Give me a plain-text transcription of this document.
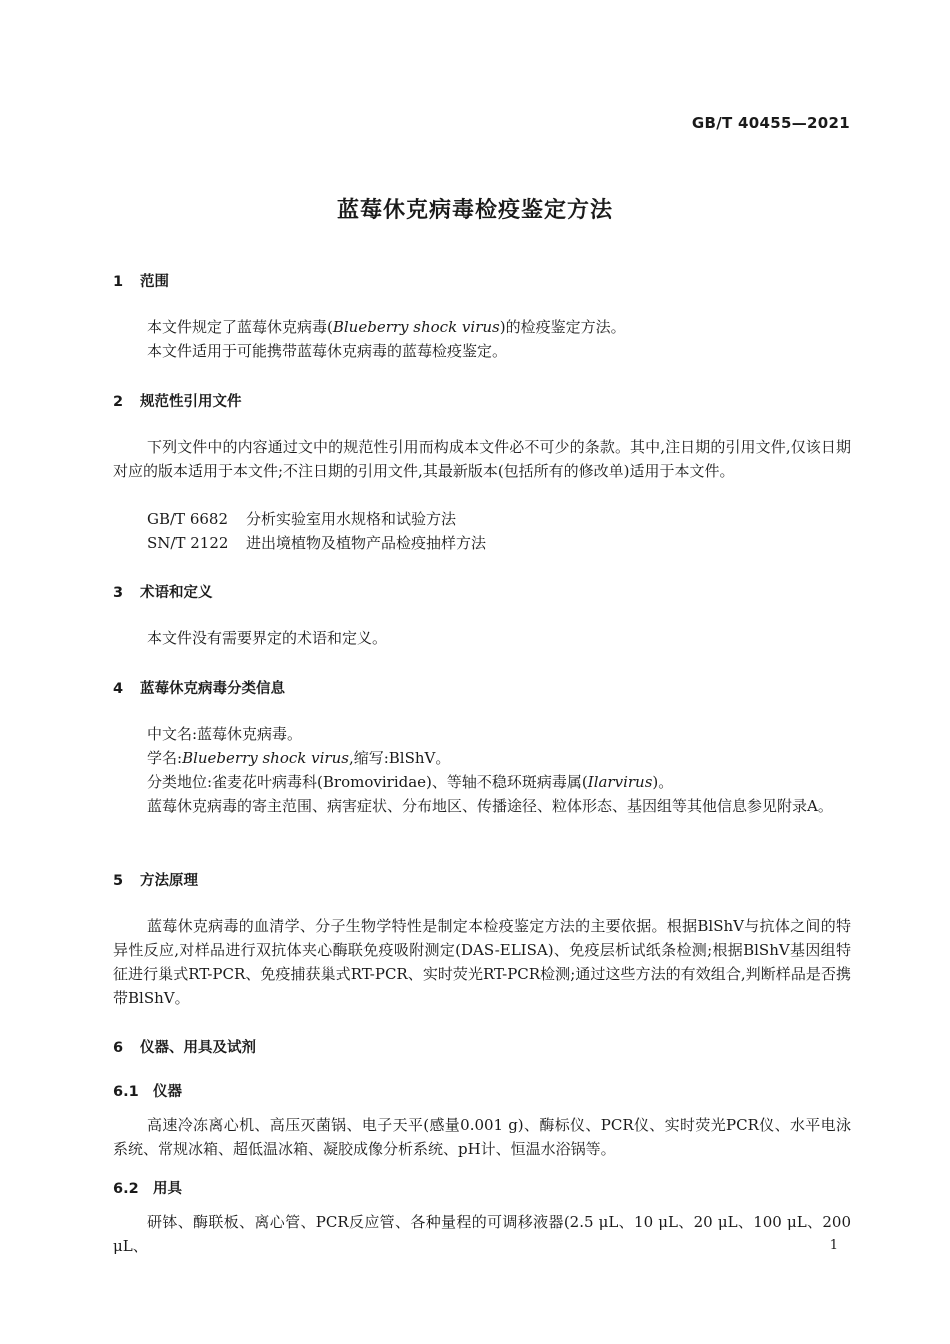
GB/T 40455—2021
蓝莓休克病毒检疫鉴定方法
1 范围
本文件规定了蓝莓休克病毒(Blueberry shock virus)的检疫鉴定方法。
本文件适用于可能携带蓝莓休克病毒的蓝莓检疫鉴定。
2 规范性引用文件
下列文件中的内容通过文中的规范性引用而构成本文件必不可少的条款。其中,注日期的引用文件,仅该日期对应的版本适用于本文件;不注日期的引用文件,其最新版本(包括所有的修改单)适用于本文件。
GB/T 6682 分析实验室用水规格和试验方法
SN/T 2122 进出境植物及植物产品检疫抽样方法
3 术语和定义
本文件没有需要界定的术语和定义。
4 蓝莓休克病毒分类信息
中文名:蓝莓休克病毒。
学名:Blueberry shock virus,缩写:BlShV。
分类地位:雀麦花叶病毒科(Bromoviridae)、等轴不稳环斑病毒属(Ilarvirus)。
蓝莓休克病毒的寄主范围、病害症状、分布地区、传播途径、粒体形态、基因组等其他信息参见附录A。
5 方法原理
蓝莓休克病毒的血清学、分子生物学特性是制定本检疫鉴定方法的主要依据。根据BlShV与抗体之间的特异性反应,对样品进行双抗体夹心酶联免疫吸附测定(DAS-ELISA)、免疫层析试纸条检测;根据BlShV基因组特征进行巢式RT-PCR、免疫捕获巢式RT-PCR、实时荧光RT-PCR检测;通过这些方法的有效组合,判断样品是否携带BlShV。
6 仪器、用具及试剂
6.1 仪器
高速冷冻离心机、高压灭菌锅、电子天平(感量0.001 g)、酶标仪、PCR仪、实时荧光PCR仪、水平电泳系统、常规冰箱、超低温冰箱、凝胶成像分析系统、pH计、恒温水浴锅等。
6.2 用具
研钵、酶联板、离心管、PCR反应管、各种量程的可调移液器(2.5 μL、10 μL、20 μL、100 μL、200 μL、	1
